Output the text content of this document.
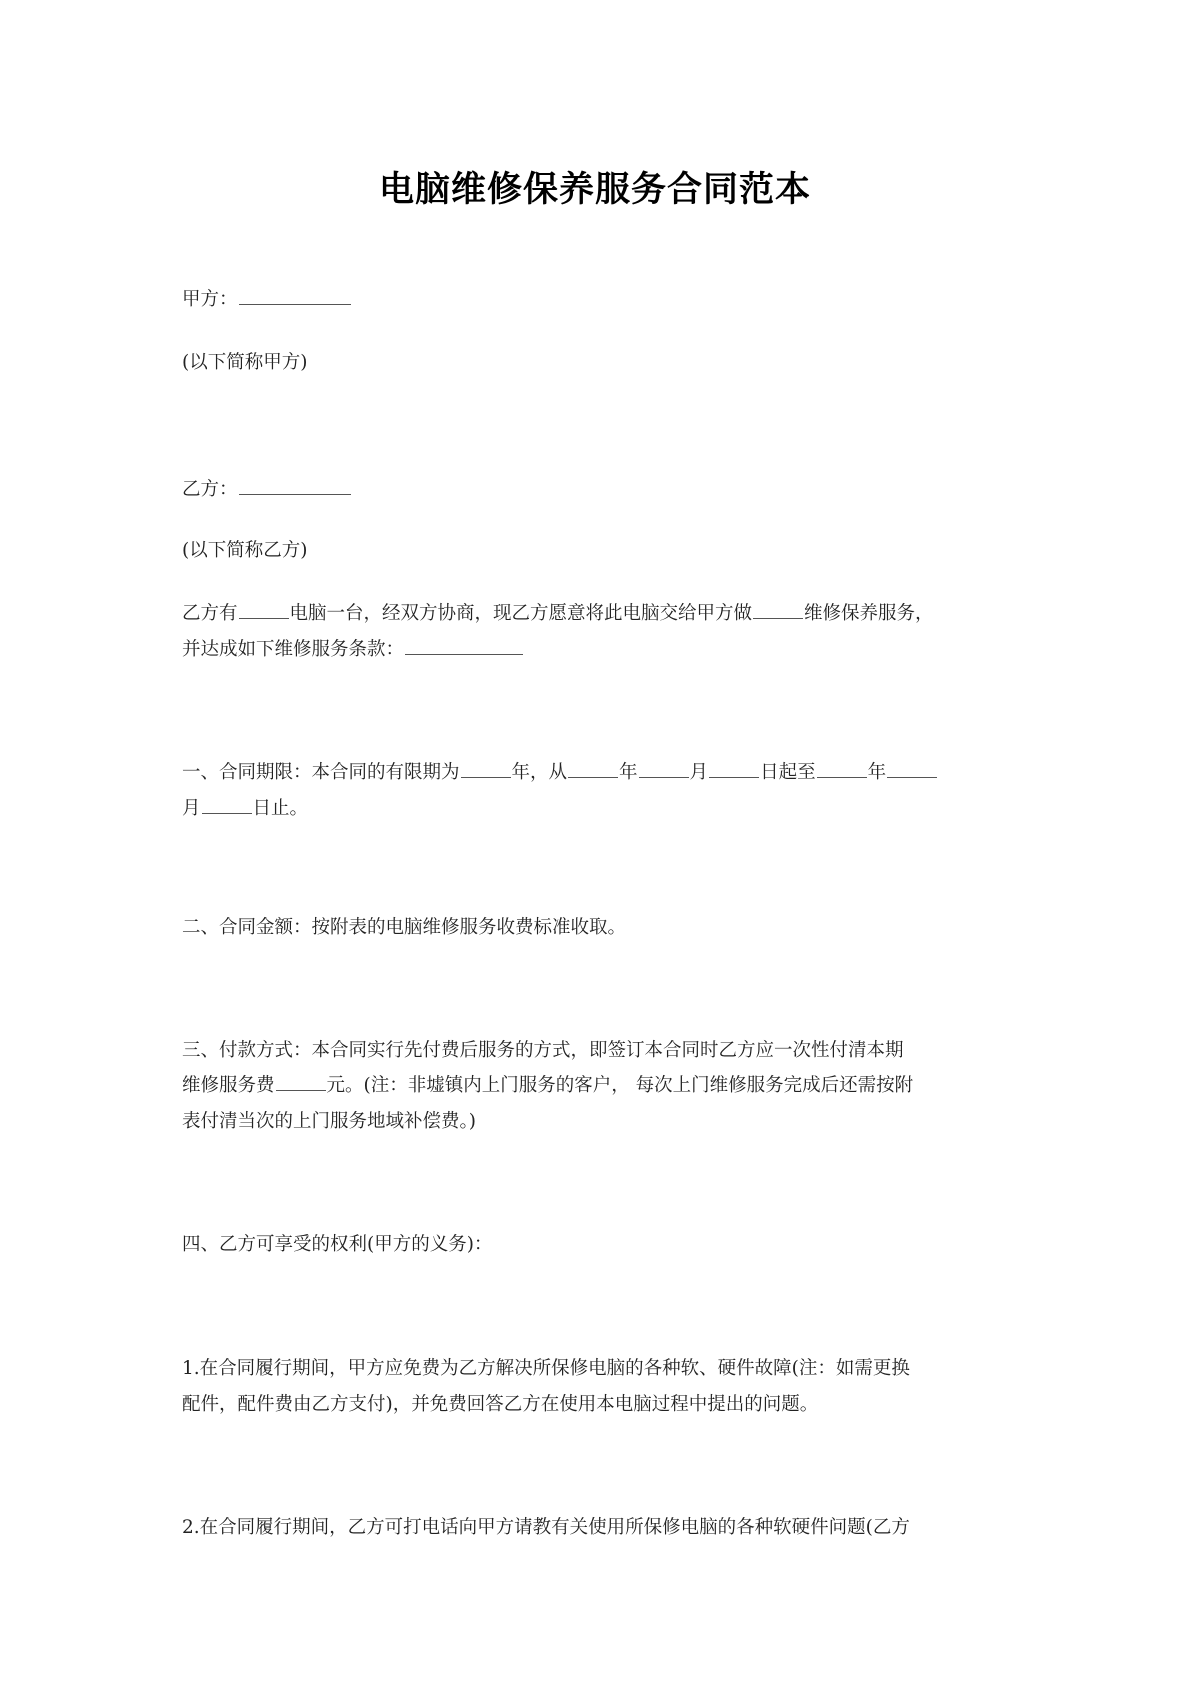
电脑维修保养服务合同范本
甲方：
(以下简称甲方)
乙方：
(以下简称乙方)
乙方有	电脑一台，经双方协商，现乙方愿意将此电脑交给甲方做	维修保养服务，
并达成如下维修服务条款：
一、合同期限：本合同的有限期为	年，从	年	月	日起至	年
月	日止。
二、合同金额：按附表的电脑维修服务收费标准收取。
三、付款方式：本合同实行先付费后服务的方式，即签订本合同时乙方应一次性付清本期
维修服务费	元。(注：非墟镇内上门服务的客户， 每次上门维修服务完成后还需按附
表付清当次的上门服务地域补偿费。)
四、乙方可享受的权利(甲方的义务)：
1.在合同履行期间，甲方应免费为乙方解决所保修电脑的各种软、硬件故障(注：如需更换
配件，配件费由乙方支付)，并免费回答乙方在使用本电脑过程中提出的问题。
2.在合同履行期间，乙方可打电话向甲方请教有关使用所保修电脑的各种软硬件问题(乙方
